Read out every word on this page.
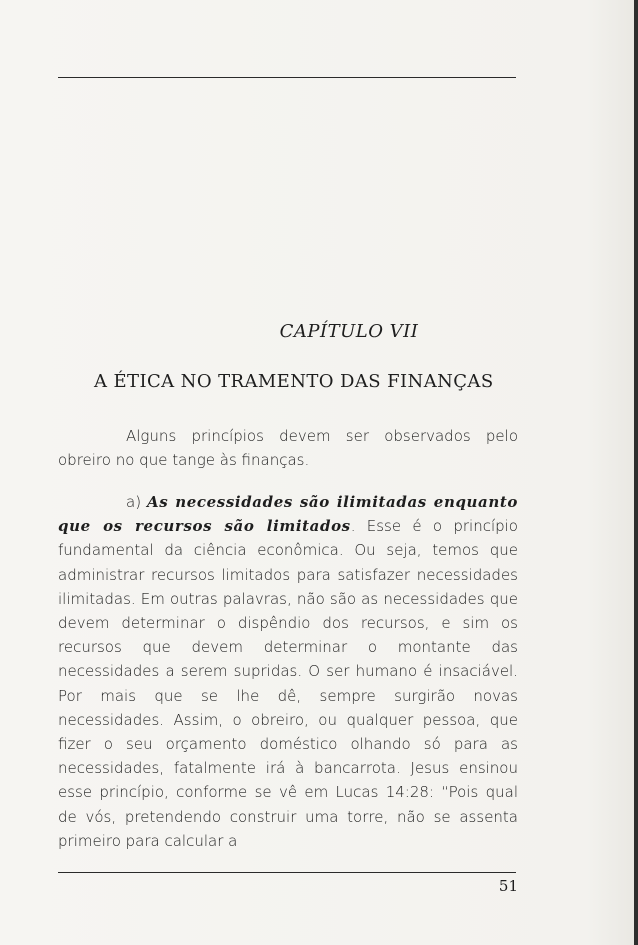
CAPÍTULO VII
A ÉTICA NO TRAMENTO DAS FINANÇAS

Alguns princípios devem ser observados pelo obreiro no que tange às finanças.

a) As necessidades são ilimitadas enquanto que os recursos são limitados. Esse é o princípio fundamental da ciência econômica. Ou seja, temos que administrar recursos limitados para satisfazer necessidades ilimitadas. Em outras palavras, não são as necessidades que devem determinar o dispêndio dos recursos, e sim os recursos que devem determinar o montante das necessidades a serem supridas. O ser humano é insaciável. Por mais que se lhe dê, sempre surgirão novas necessidades. Assim, o obreiro, ou qualquer pessoa, que fizer o seu orçamento doméstico olhando só para as necessidades, fatalmente irá à bancarrota. Jesus ensinou esse princípio, conforme se vê em Lucas 14:28: “Pois qual de vós, pretendendo construir uma torre, não se assenta primeiro para calcular a

51
